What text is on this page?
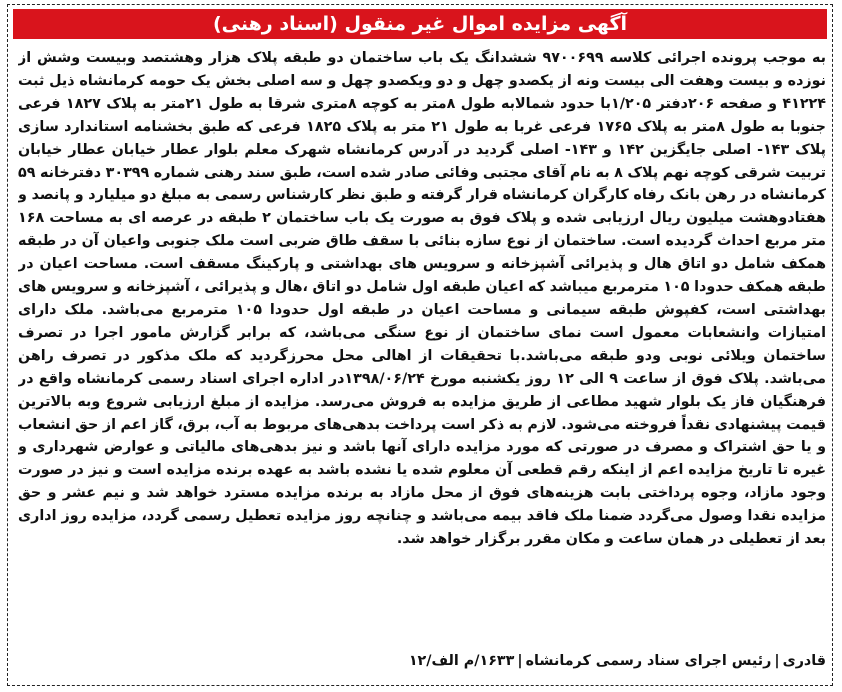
آگهی مزایده اموال غیر منقول (اسناد رهنی)
به موجب پرونده اجرائی کلاسه ۹۷۰۰۶۹۹ ششدانگ یک باب ساختمان دو طبقه پلاک هزار وهشتصد وبیست وشش از نوزده و بیست وهفت الی بیست ونه از یکصدو چهل و دو ویکصدو چهل و سه اصلی بخش یک حومه کرمانشاه ذیل ثبت ۴۱۲۲۴ و صفحه ۲۰۶دفتر ۱/۲۰۵با حدود شمالابه طول ۸متر به کوچه ۸متری شرقا به طول ۲۱متر به پلاک ۱۸۲۷ فرعی جنوبا به طول ۸متر به پلاک ۱۷۶۵ فرعی غربا به طول ۲۱ متر به پلاک ۱۸۲۵ فرعی که طبق بخشنامه استاندارد سازی پلاک ۱۴۳- اصلی جایگزین ۱۴۲ و ۱۴۳- اصلی گردید در آدرس کرمانشاه شهرک معلم بلوار عطار خیابان عطار خیابان تربیت شرقی کوچه نهم پلاک ۸ به نام آقای مجتبی وفائی صادر شده است، طبق سند رهنی شماره ۳۰۳۹۹ دفترخانه ۵۹ کرمانشاه در رهن بانک رفاه کارگران کرمانشاه قرار گرفته و طبق نظر کارشناس رسمی به مبلغ دو میلیارد و پانصد و هفتادوهشت میلیون ریال ارزیابی شده و پلاک فوق به صورت یک باب ساختمان ۲ طبقه در عرصه ای به مساحت ۱۶۸ متر مربع احداث گردیده است. ساختمان از نوع سازه بنائی با سقف طاق ضربی است ملک جنوبی واعیان آن در طبقه همکف شامل دو اتاق هال و پذیرائی آشپزخانه و سرویس های بهداشتی و پارکینگ مسقف است. مساحت اعیان در طبقه همکف حدودا ۱۰۵ مترمربع میباشد که اعیان طبقه اول شامل دو اتاق ،هال و پذیرائی ، آشپزخانه و سرویس های بهداشتی است، کفپوش طبقه سیمانی و مساحت اعیان در طبقه اول حدودا ۱۰۵ مترمربع می‌باشد. ملک دارای امتیازات وانشعابات معمول است نمای ساختمان از نوع سنگی می‌باشد، که برابر گزارش مامور اجرا در تصرف ساختمان ویلائی نوبی ودو طبقه می‌باشد.با تحقیقات از اهالی محل محرزگردید که ملک مذکور در تصرف راهن می‌باشد. پلاک فوق از ساعت ۹ الی ۱۲ روز یکشنبه مورخ ۱۳۹۸/۰۶/۲۴در اداره اجرای اسناد رسمی کرمانشاه واقع در فرهنگیان فاز یک بلوار شهید مطاعی از طریق مزایده به فروش می‌رسد. مزایده از مبلغ ارزیابی شروع وبه بالاترین قیمت پیشنهادی نقداً فروخته می‌شود. لازم به ذکر است پرداخت بدهی‌های مربوط به آب، برق، گاز اعم از حق انشعاب و یا حق اشتراک و مصرف در صورتی که مورد مزایده دارای آنها باشد و نیز بدهی‌های مالیاتی و عوارض شهرداری و غیره تا تاریخ مزایده اعم از اینکه رقم قطعی آن معلوم شده یا نشده باشد به عهده برنده مزایده است و نیز در صورت وجود مازاد، وجوه پرداختی بابت هزینه‌های فوق از محل مازاد به برنده مزایده مسترد خواهد شد و نیم عشر و حق مزایده نقدا وصول می‌گردد ضمنا ملک فاقد بیمه می‌باشد و چنانچه روز مزایده تعطیل رسمی گردد، مزایده روز اداری بعد از تعطیلی در همان ساعت و مکان مقرر برگزار خواهد شد.
قادری|رئیس اجرای سناد رسمی کرمانشاه|۱۶۳۳/م الف/۱۲
